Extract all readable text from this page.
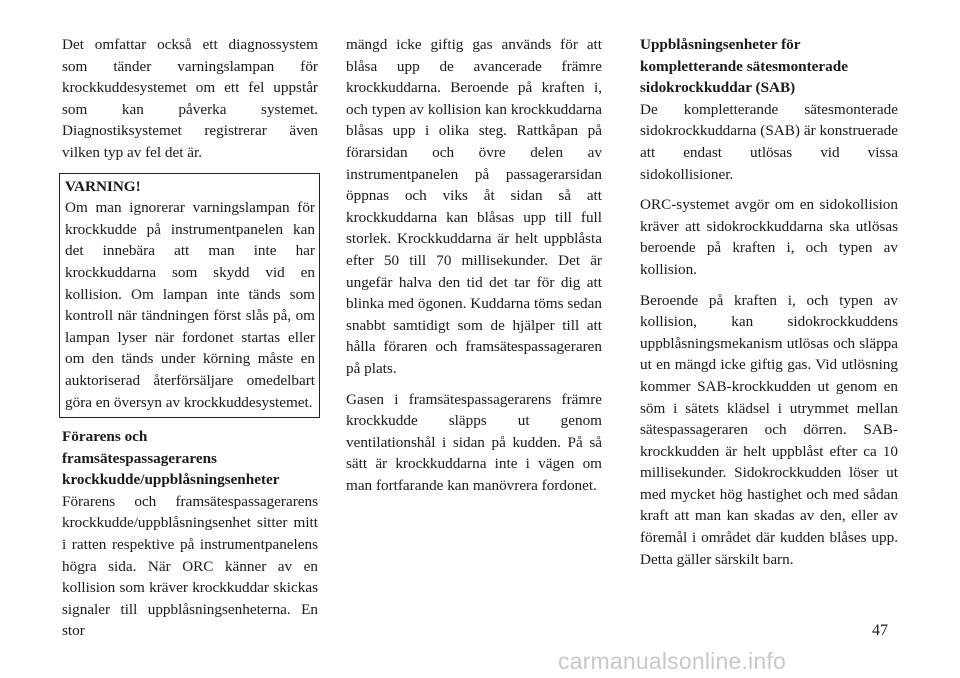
Det omfattar också ett diagnossystem som tänder varningslampan för krockkuddesystemet om ett fel uppstår som kan påverka systemet. Diagnostiksystemet registrerar även vilken typ av fel det är.

VARNING!
Om man ignorerar varningslampan för krockkudde på instrumentpanelen kan det innebära att man inte har krockkuddarna som skydd vid en kollision. Om lampan inte tänds som kontroll när tändningen först slås på, om lampan lyser när fordonet startas eller om den tänds under körning måste en auktoriserad återförsäljare omedelbart göra en översyn av krockkuddesystemet.
Förarens och
framsätespassagerarens
krockkudde/uppblåsningsenheter

Förarens och framsätespassagerarens krockkudde/uppblåsningsenhet sitter mitt i ratten respektive på instrumentpanelens högra sida. När ORC känner av en kollision som kräver krockkuddar skickas signaler till uppblåsningsenheterna. En stor

mängd icke giftig gas används för att blåsa upp de avancerade främre krockkuddarna. Beroende på kraften i, och typen av kollision kan krockkuddarna blåsas upp i olika steg. Rattkåpan på förarsidan och övre delen av instrumentpanelen på passagerarsidan öppnas och viks åt sidan så att krockkuddarna kan blåsas upp till full storlek. Krockkuddarna är helt uppblåsta efter 50 till 70 millisekunder. Det är ungefär halva den tid det tar för dig att blinka med ögonen. Kuddarna töms sedan snabbt samtidigt som de hjälper till att hålla föraren och framsätespassageraren på plats.

Gasen i framsätespassagerarens främre krockkudde släpps ut genom ventilationshål i sidan på kudden. På så sätt är krockkuddarna inte i vägen om man fortfarande kan manövrera fordonet.

Uppblåsningsenheter för
kompletterande sätesmonterade
sidokrockkuddar (SAB)

De kompletterande sätesmonterade sidokrockkuddarna (SAB) är konstruerade att endast utlösas vid vissa sidokollisioner.

ORC-systemet avgör om en sidokollision kräver att sidokrockkuddarna ska utlösas beroende på kraften i, och typen av kollision.

Beroende på kraften i, och typen av kollision, kan sidokrockkuddens uppblåsningsmekanism utlösas och släppa ut en mängd icke giftig gas. Vid utlösning kommer SAB-krockkudden ut genom en söm i sätets klädsel i utrymmet mellan sätespassageraren och dörren. SAB-krockkudden är helt uppblåst efter ca 10 millisekunder. Sidokrockkudden löser ut med mycket hög hastighet och med sådan kraft att man kan skadas av den, eller av föremål i området där kudden blåses upp. Detta gäller särskilt barn.

47
carmanualsonline.info
